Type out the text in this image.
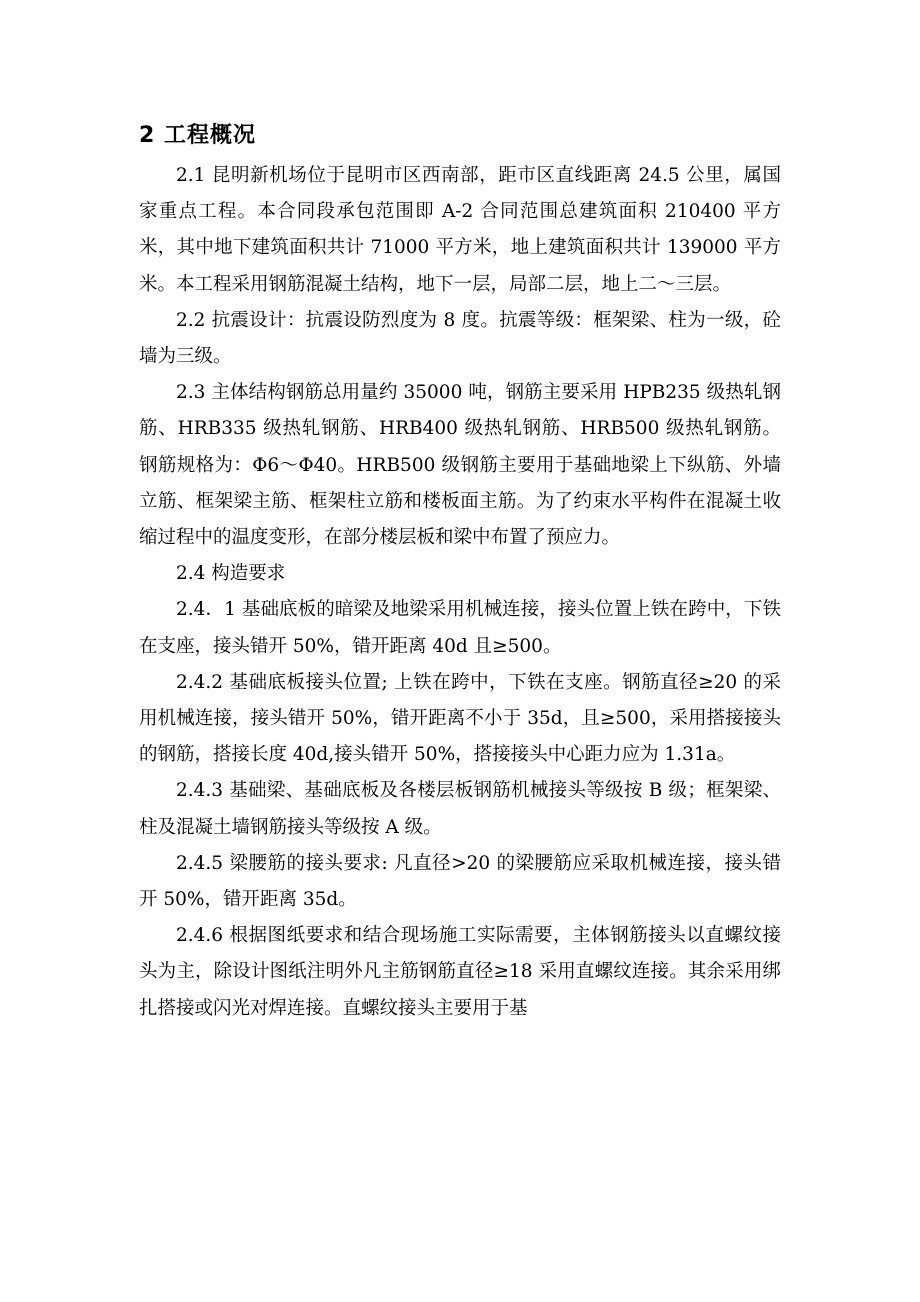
2 工程概况

2.1 昆明新机场位于昆明市区西南部，距市区直线距离 24.5 公里，属国家重点工程。本合同段承包范围即 A-2 合同范围总建筑面积 210400 平方米，其中地下建筑面积共计 71000 平方米，地上建筑面积共计 139000 平方米。本工程采用钢筋混凝土结构，地下一层，局部二层，地上二～三层。

2.2 抗震设计：抗震设防烈度为 8 度。抗震等级：框架梁、柱为一级，砼墙为三级。

2.3 主体结构钢筋总用量约 35000 吨，钢筋主要采用 HPB235 级热轧钢筋、HRB335 级热轧钢筋、HRB400 级热轧钢筋、HRB500 级热轧钢筋。钢筋规格为：Φ6～Φ40。HRB500 级钢筋主要用于基础地梁上下纵筋、外墙立筋、框架梁主筋、框架柱立筋和楼板面主筋。为了约束水平构件在混凝土收缩过程中的温度变形，在部分楼层板和梁中布置了预应力。

2.4 构造要求

2.4．1 基础底板的暗梁及地梁采用机械连接，接头位置上铁在跨中，下铁在支座，接头错开 50%，错开距离 40d 且≥500。

2.4.2 基础底板接头位置; 上铁在跨中，下铁在支座。钢筋直径≥20 的采用机械连接，接头错开 50%，错开距离不小于 35d，且≥500，采用搭接接头的钢筋，搭接长度 40d,接头错开 50%，搭接接头中心距力应为 1.31a。

2.4.3 基础梁、基础底板及各楼层板钢筋机械接头等级按 B 级；框架梁、柱及混凝土墙钢筋接头等级按 A 级。

2.4.5 梁腰筋的接头要求: 凡直径>20 的梁腰筋应采取机械连接，接头错开 50%，错开距离 35d。

2.4.6 根据图纸要求和结合现场施工实际需要，主体钢筋接头以直螺纹接头为主，除设计图纸注明外凡主筋钢筋直径≥18 采用直螺纹连接。其余采用绑扎搭接或闪光对焊连接。直螺纹接头主要用于基
